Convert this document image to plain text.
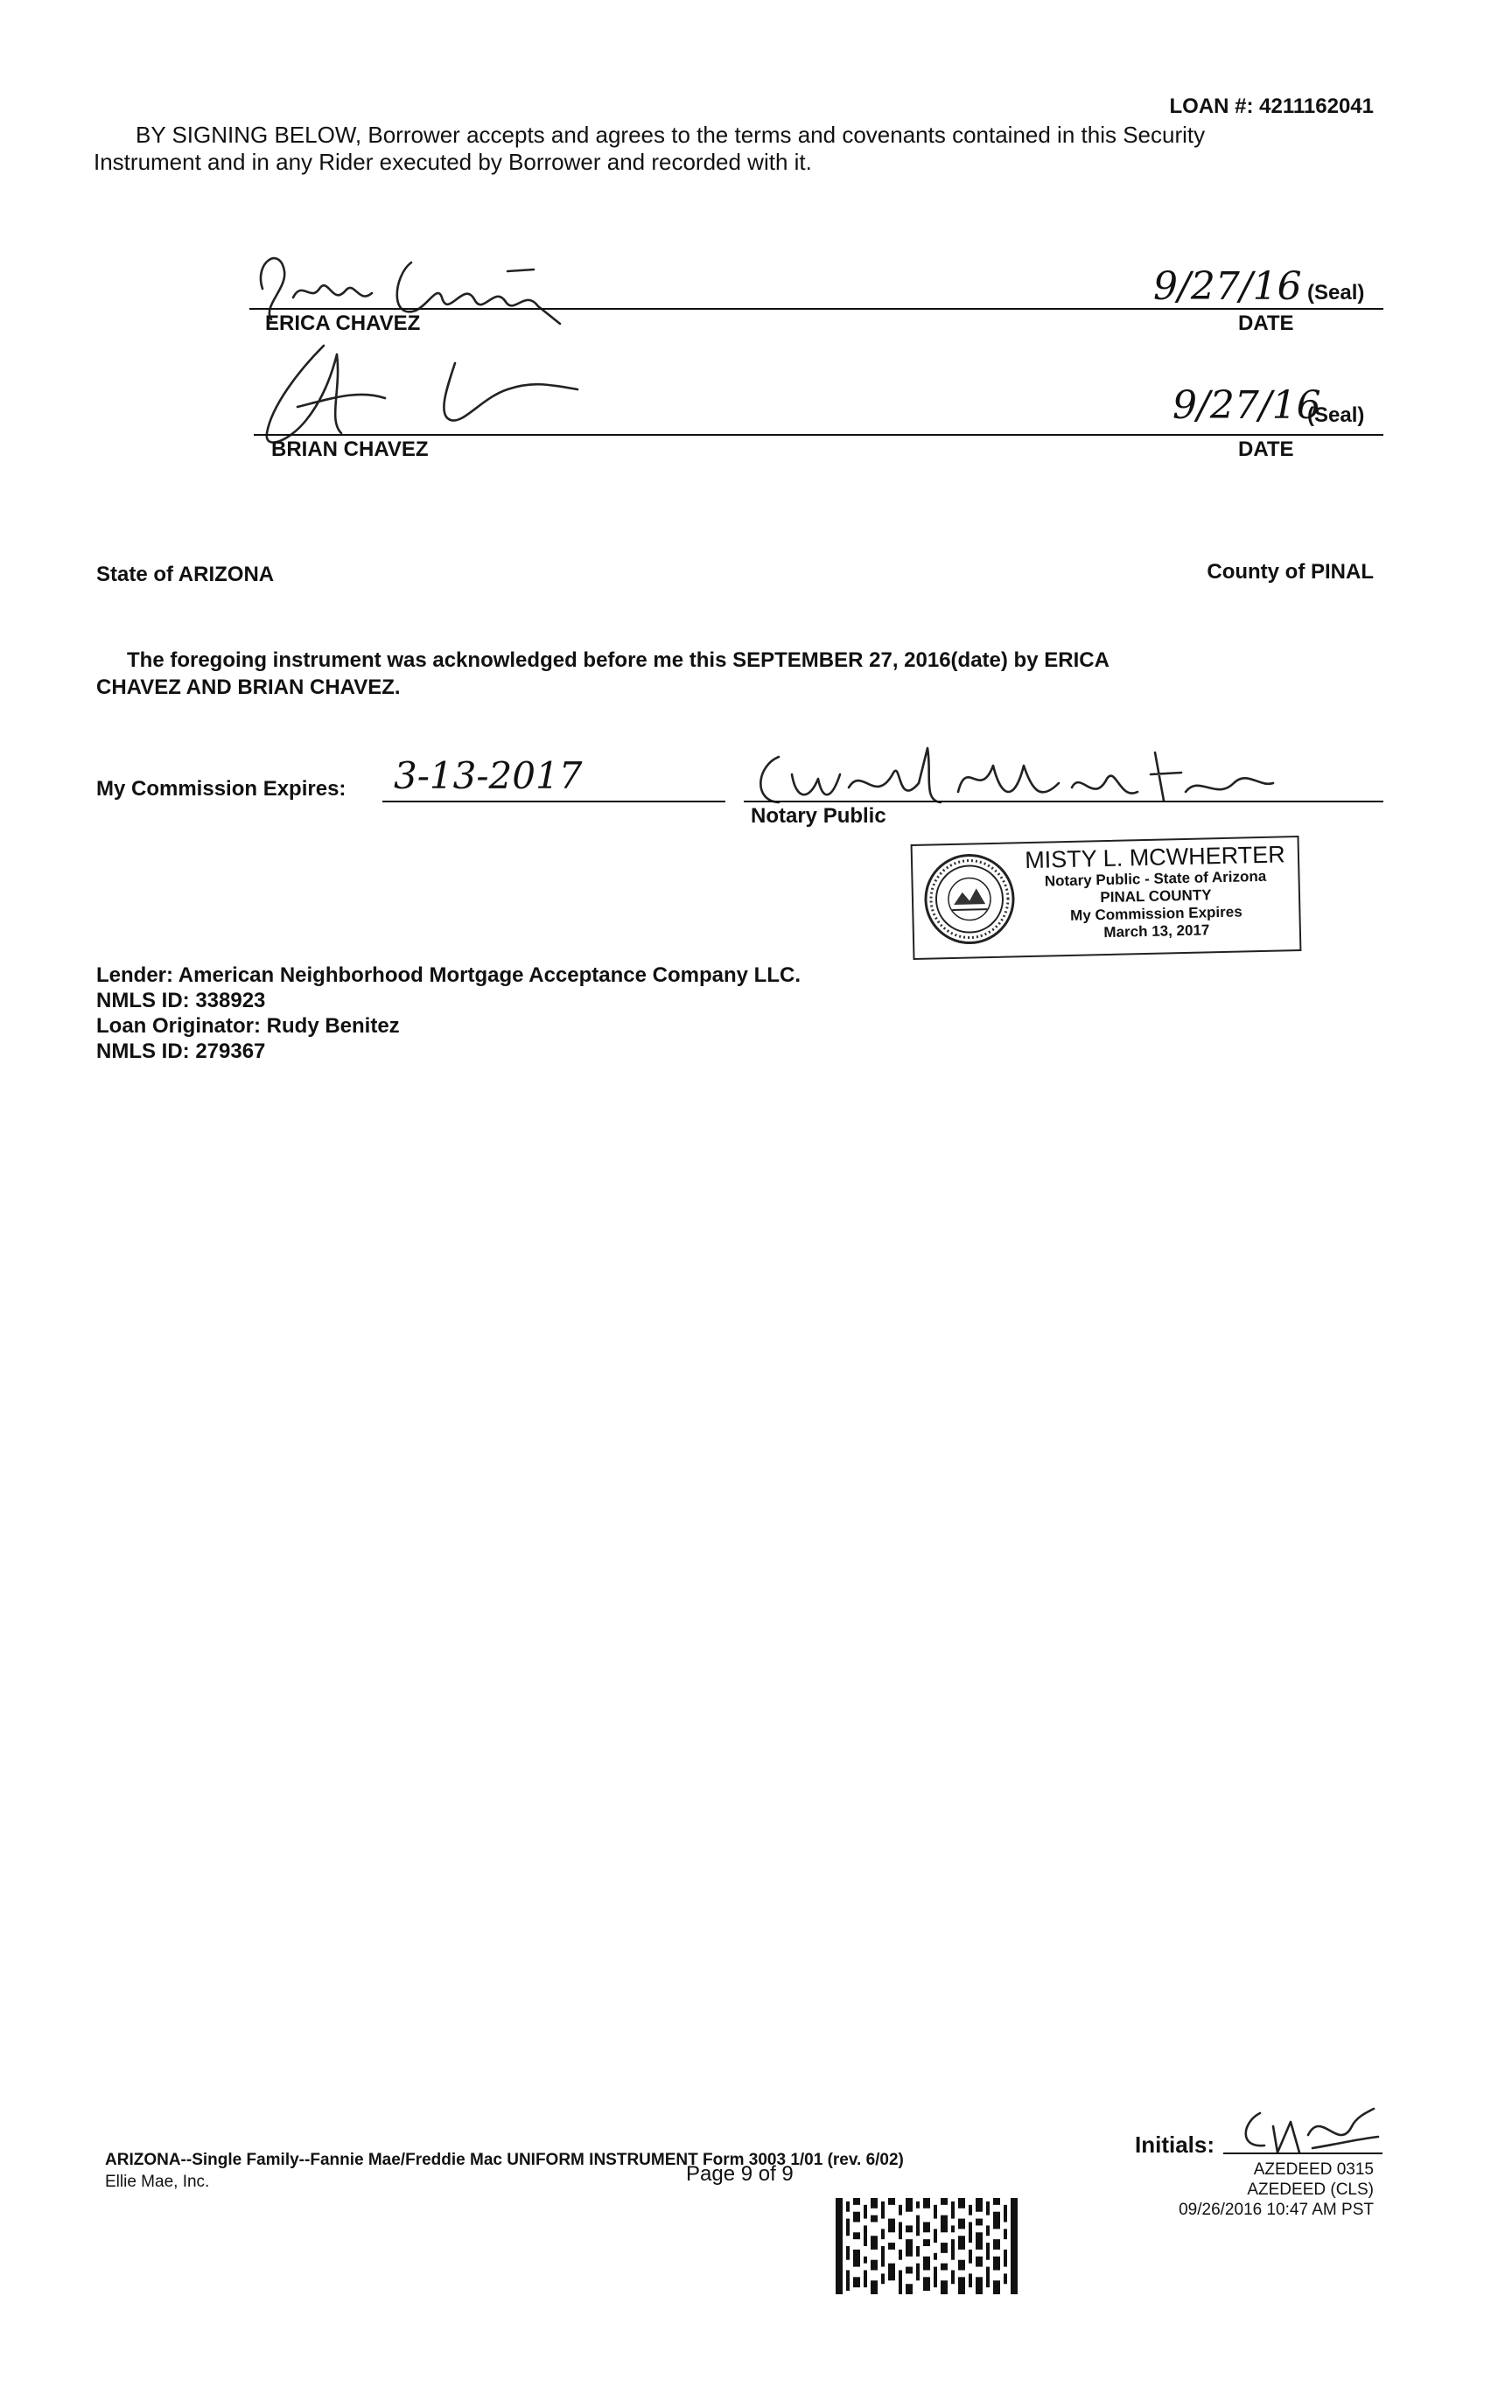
LOAN #: 4211162041
BY SIGNING BELOW, Borrower accepts and agrees to the terms and covenants contained in this Security
Instrument and in any Rider executed by Borrower and recorded with it.
ERICA CHAVEZ
9/27/16 (Seal)
DATE
BRIAN CHAVEZ
9/27/16
(Seal)
DATE
State of ARIZONA	County of PINAL
The foregoing instrument was acknowledged before me this SEPTEMBER 27, 2016(date) by ERICA
CHAVEZ AND BRIAN CHAVEZ.
My Commission Expires: 3-13-2017
Notary Public
MISTY L. MCWHERTER
Notary Public - State of Arizona
PINAL COUNTY
My Commission Expires
March 13, 2017
Lender: American Neighborhood Mortgage Acceptance Company LLC.
NMLS ID: 338923
Loan Originator: Rudy Benitez
NMLS ID: 279367
ARIZONA--Single Family--Fannie Mae/Freddie Mac UNIFORM INSTRUMENT Form 3003 1/01 (rev. 6/02)
Ellie Mae, Inc.	Page 9 of 9
Initials:
AZEDEED 0315
AZEDEED (CLS)
09/26/2016 10:47 AM PST
